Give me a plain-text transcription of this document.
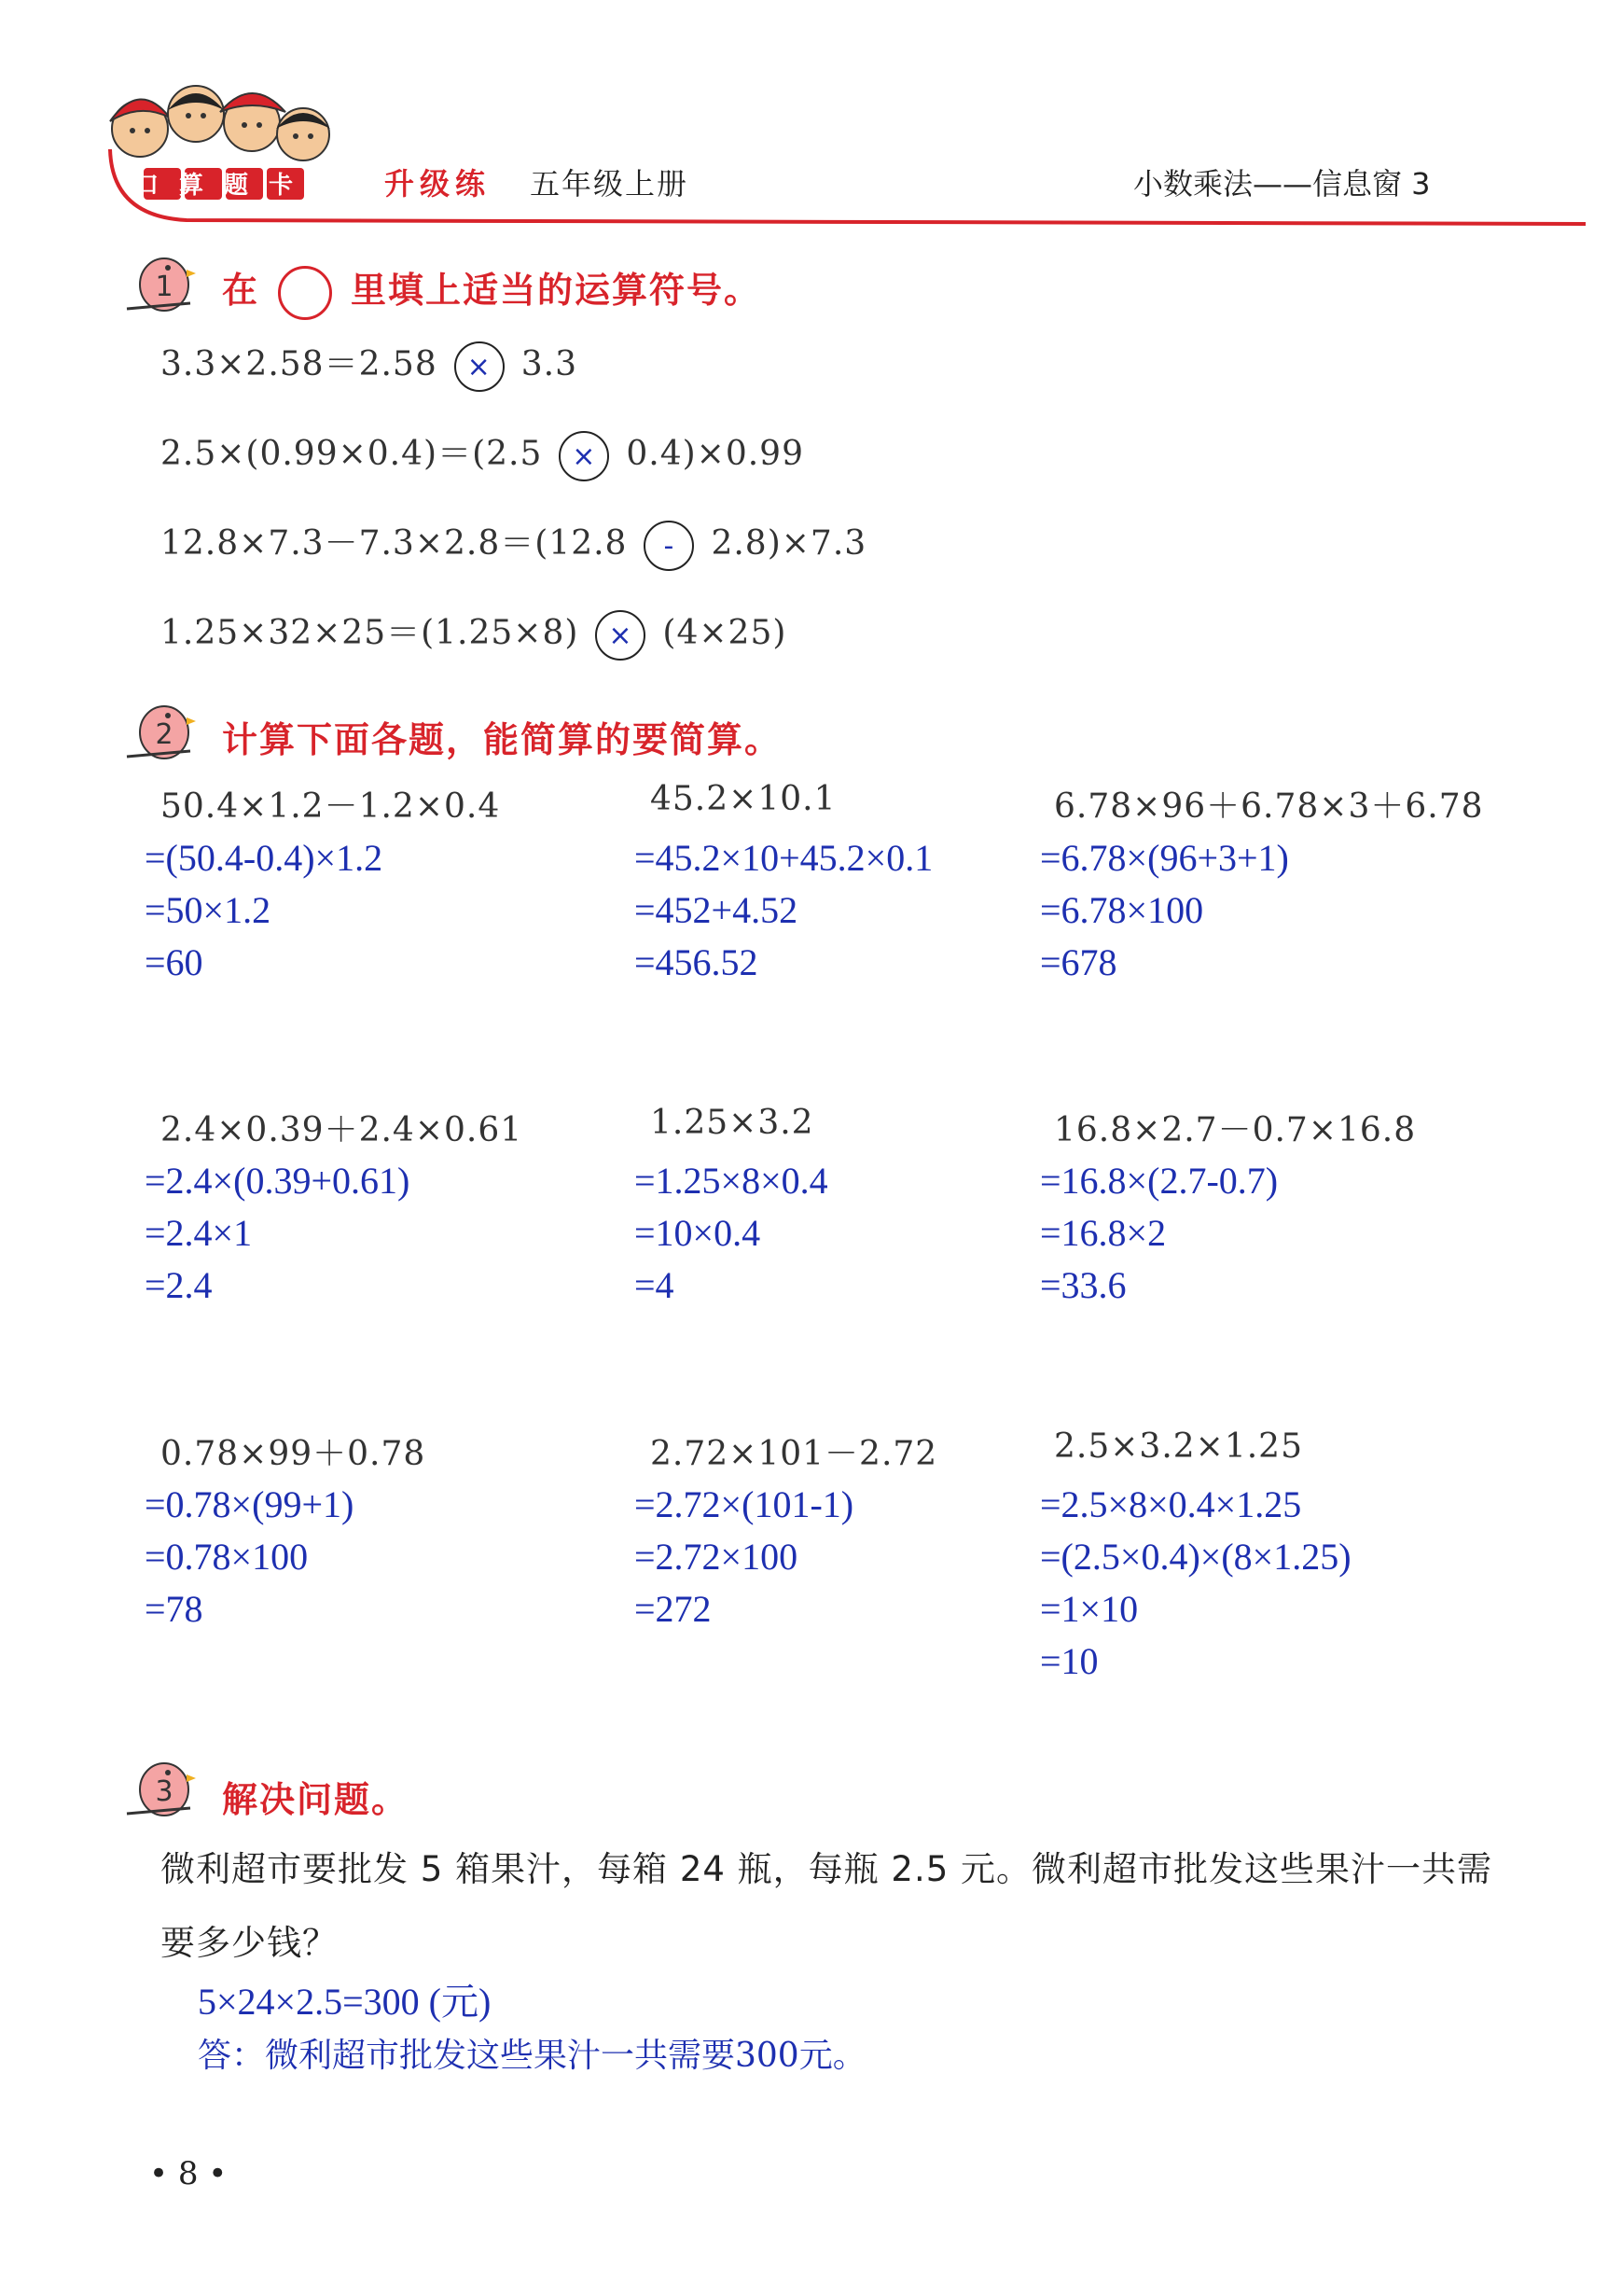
口算题卡 升级练 五年级上册	小数乘法——信息窗 3
1 在	里填上适当的运算符号。
3.3×2.58＝2.58 × 3.3
2.5×(0.99×0.4)＝(2.5 × 0.4)×0.99
12.8×7.3－7.3×2.8＝(12.8 - 2.8)×7.3
1.25×32×25＝(1.25×8) × (4×25)
2 计算下面各题，能简算的要简算。
50.4×1.2－1.2×0.4
=(50.4-0.4)×1.2
=50×1.2
=60
45.2×10.1
=45.2×10+45.2×0.1
=452+4.52
=456.52
6.78×96＋6.78×3＋6.78
=6.78×(96+3+1)
=6.78×100
=678
2.4×0.39＋2.4×0.61
=2.4×(0.39+0.61)
=2.4×1
=2.4
1.25×3.2
=1.25×8×0.4
=10×0.4
=4
16.8×2.7－0.7×16.8
=16.8×(2.7-0.7)
=16.8×2
=33.6
0.78×99＋0.78
=0.78×(99+1)
=0.78×100
=78
2.72×101－2.72
=2.72×(101-1)
=2.72×100
=272
2.5×3.2×1.25
=2.5×8×0.4×1.25
=(2.5×0.4)×(8×1.25)
=1×10
=10
3 解决问题。
微利超市要批发 5 箱果汁，每箱 24 瓶，每瓶 2.5 元。微利超市批发这些果汁一共需
要多少钱？
5×24×2.5=300 (元)
答：微利超市批发这些果汁一共需要300元。
• 8 •
